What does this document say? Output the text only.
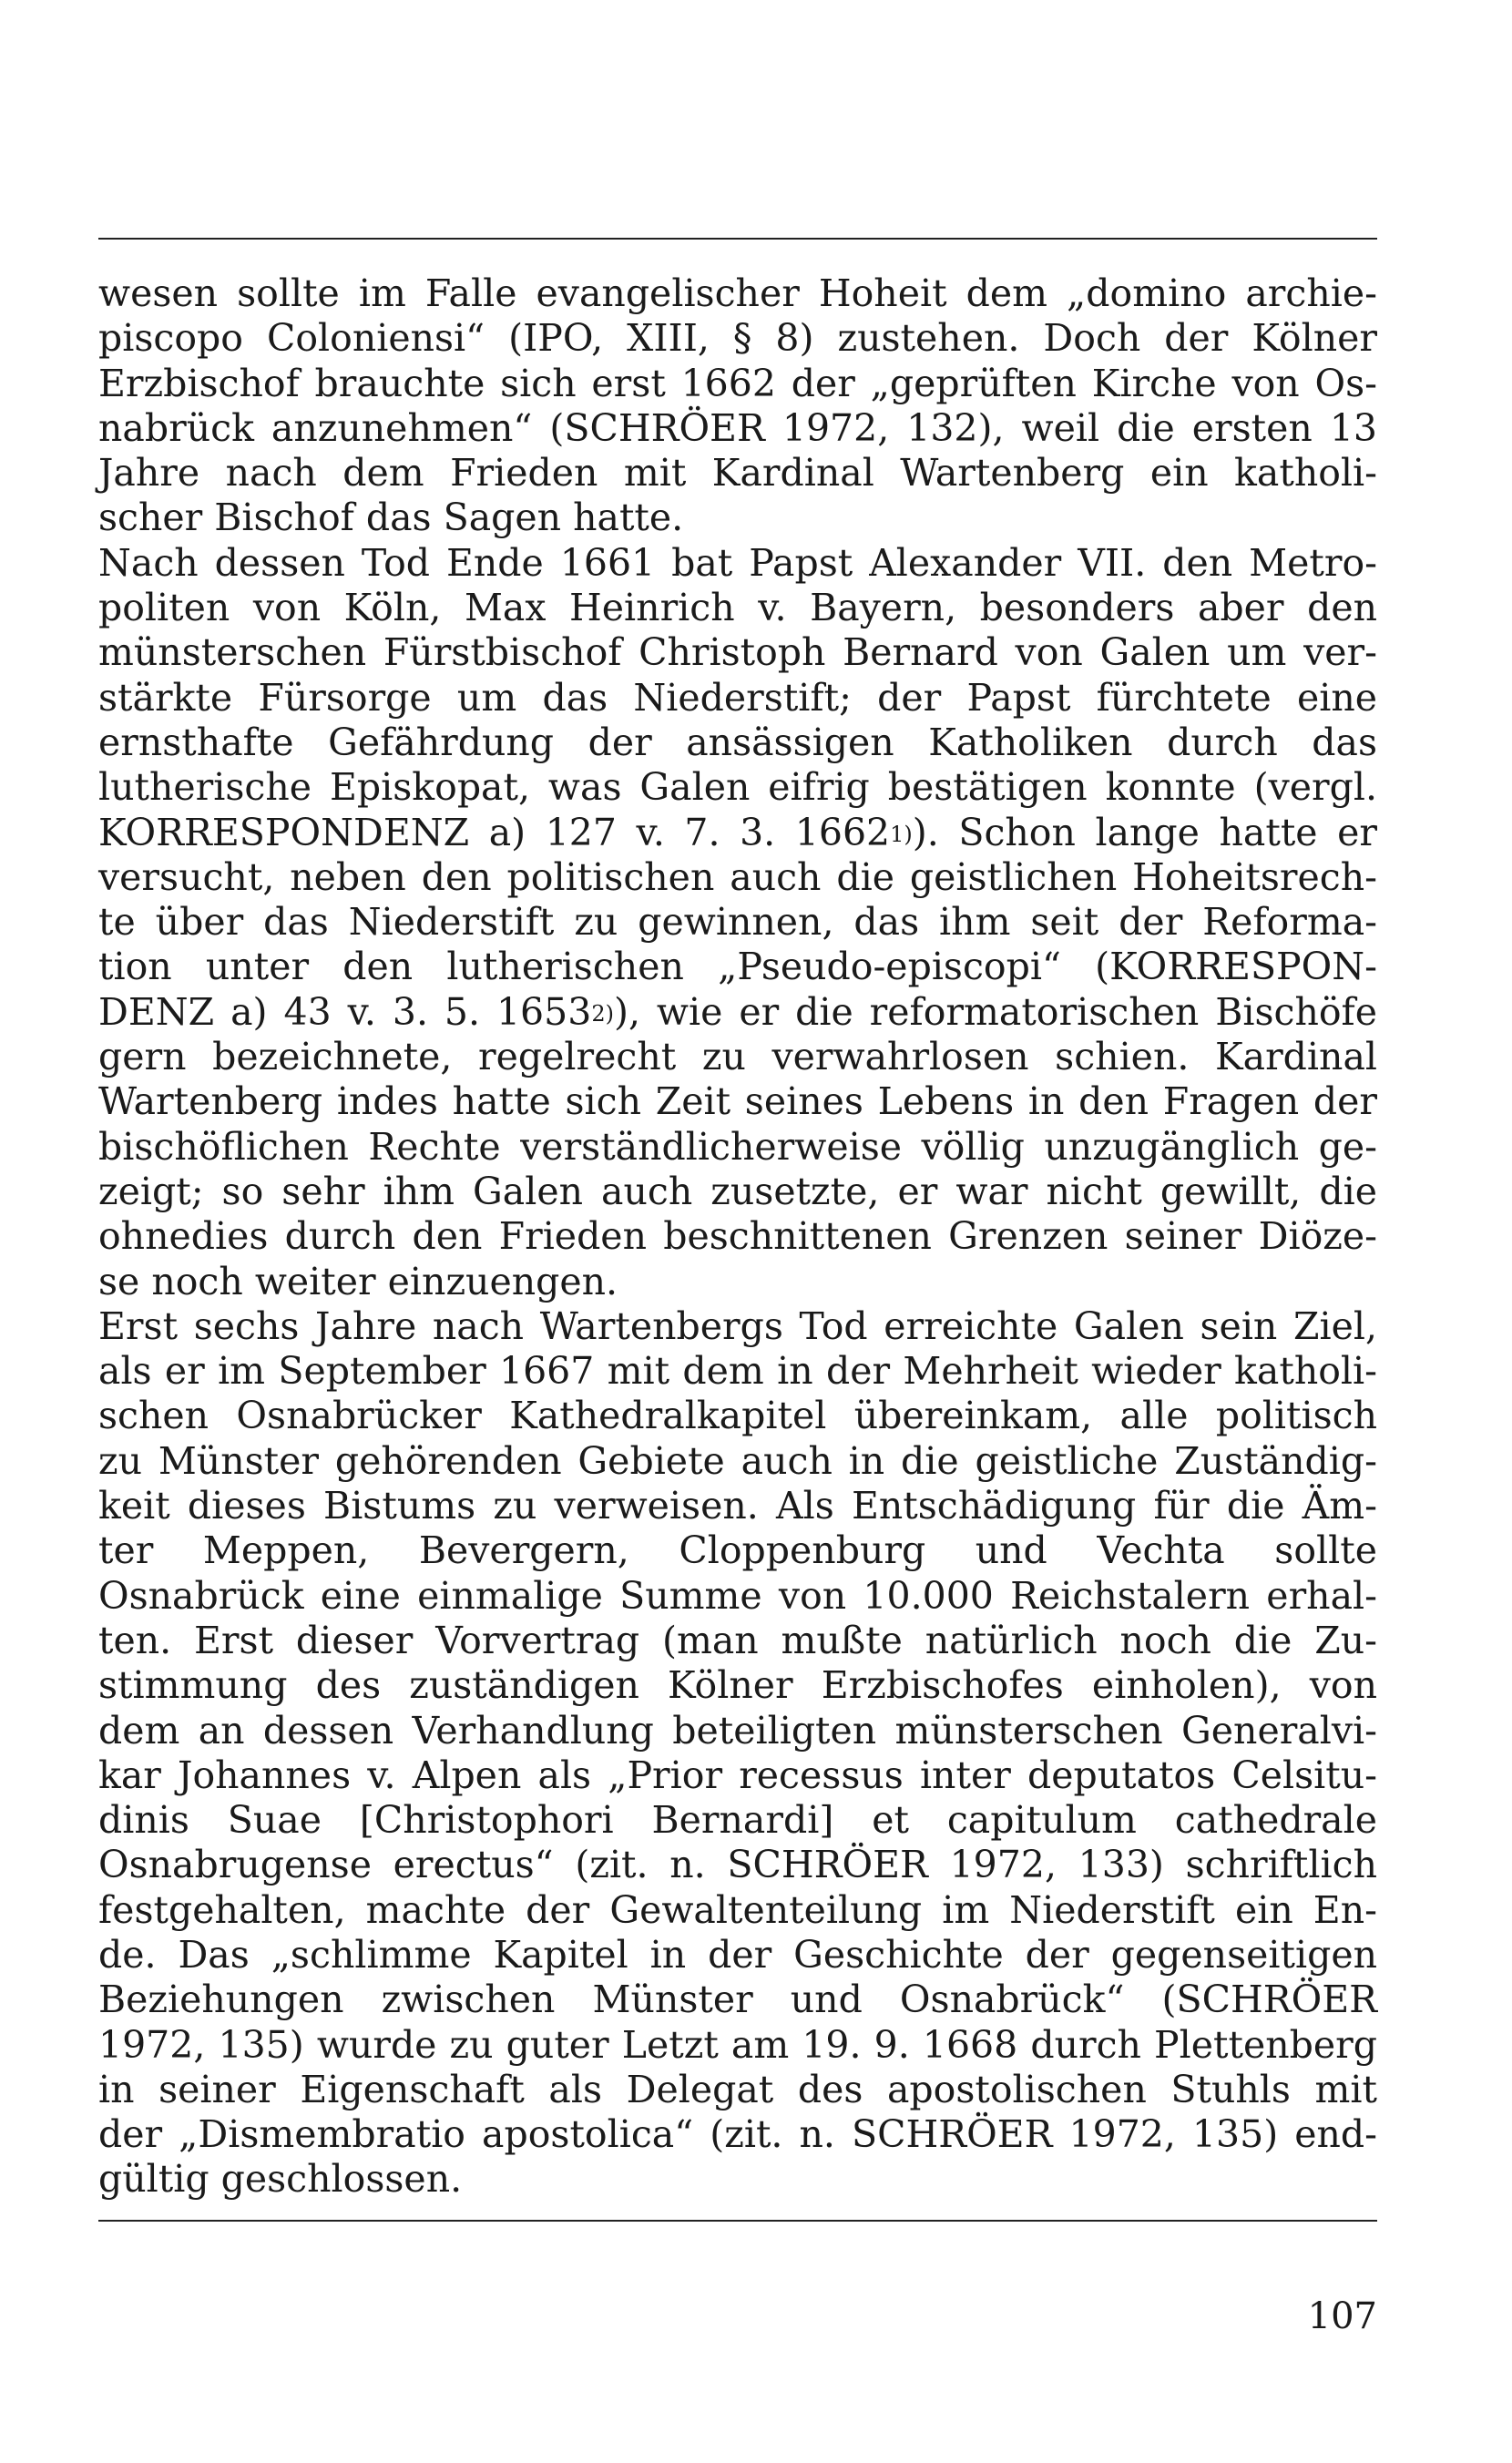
wesen sollte im Falle evangelischer Hoheit dem „domino archie-
piscopo Coloniensi“ (IPO, XIII, § 8) zustehen. Doch der Kölner
Erzbischof brauchte sich erst 1662 der „geprüften Kirche von Os-
nabrück anzunehmen“ (SCHRÖER 1972, 132), weil die ersten 13
Jahre nach dem Frieden mit Kardinal Wartenberg ein katholi-
scher Bischof das Sagen hatte.
Nach dessen Tod Ende 1661 bat Papst Alexander VII. den Metro-
politen von Köln, Max Heinrich v. Bayern, besonders aber den
münsterschen Fürstbischof Christoph Bernard von Galen um ver-
stärkte Fürsorge um das Niederstift; der Papst fürchtete eine
ernsthafte Gefährdung der ansässigen Katholiken durch das
lutherische Episkopat, was Galen eifrig bestätigen konnte (vergl.
KORRESPONDENZ a) 127 v. 7. 3. 1662$^{1)}$). Schon lange hatte er
versucht, neben den politischen auch die geistlichen Hoheitsrech-
te über das Niederstift zu gewinnen, das ihm seit der Reforma-
tion unter den lutherischen „Pseudo-episcopi“ (KORRESPON-
DENZ a) 43 v. 3. 5. 1653$^{2)}$), wie er die reformatorischen Bischöfe
gern bezeichnete, regelrecht zu verwahrlosen schien. Kardinal
Wartenberg indes hatte sich Zeit seines Lebens in den Fragen der
bischöflichen Rechte verständlicherweise völlig unzugänglich ge-
zeigt; so sehr ihm Galen auch zusetzte, er war nicht gewillt, die
ohnedies durch den Frieden beschnittenen Grenzen seiner Diöze-
se noch weiter einzuengen.
Erst sechs Jahre nach Wartenbergs Tod erreichte Galen sein Ziel,
als er im September 1667 mit dem in der Mehrheit wieder katholi-
schen Osnabrücker Kathedralkapitel übereinkam, alle politisch
zu Münster gehörenden Gebiete auch in die geistliche Zuständig-
keit dieses Bistums zu verweisen. Als Entschädigung für die Äm-
ter Meppen, Bevergern, Cloppenburg und Vechta sollte
Osnabrück eine einmalige Summe von 10.000 Reichstalern erhal-
ten. Erst dieser Vorvertrag (man mußte natürlich noch die Zu-
stimmung des zuständigen Kölner Erzbischofes einholen), von
dem an dessen Verhandlung beteiligten münsterschen Generalvi-
kar Johannes v. Alpen als „Prior recessus inter deputatos Celsitu-
dinis Suae [Christophori Bernardi] et capitulum cathedrale
Osnabrugense erectus“ (zit. n. SCHRÖER 1972, 133) schriftlich
festgehalten, machte der Gewaltenteilung im Niederstift ein En-
de. Das „schlimme Kapitel in der Geschichte der gegenseitigen
Beziehungen zwischen Münster und Osnabrück“ (SCHRÖER
1972, 135) wurde zu guter Letzt am 19. 9. 1668 durch Plettenberg
in seiner Eigenschaft als Delegat des apostolischen Stuhls mit
der „Dismembratio apostolica“ (zit. n. SCHRÖER 1972, 135) end-
gültig geschlossen.
107
